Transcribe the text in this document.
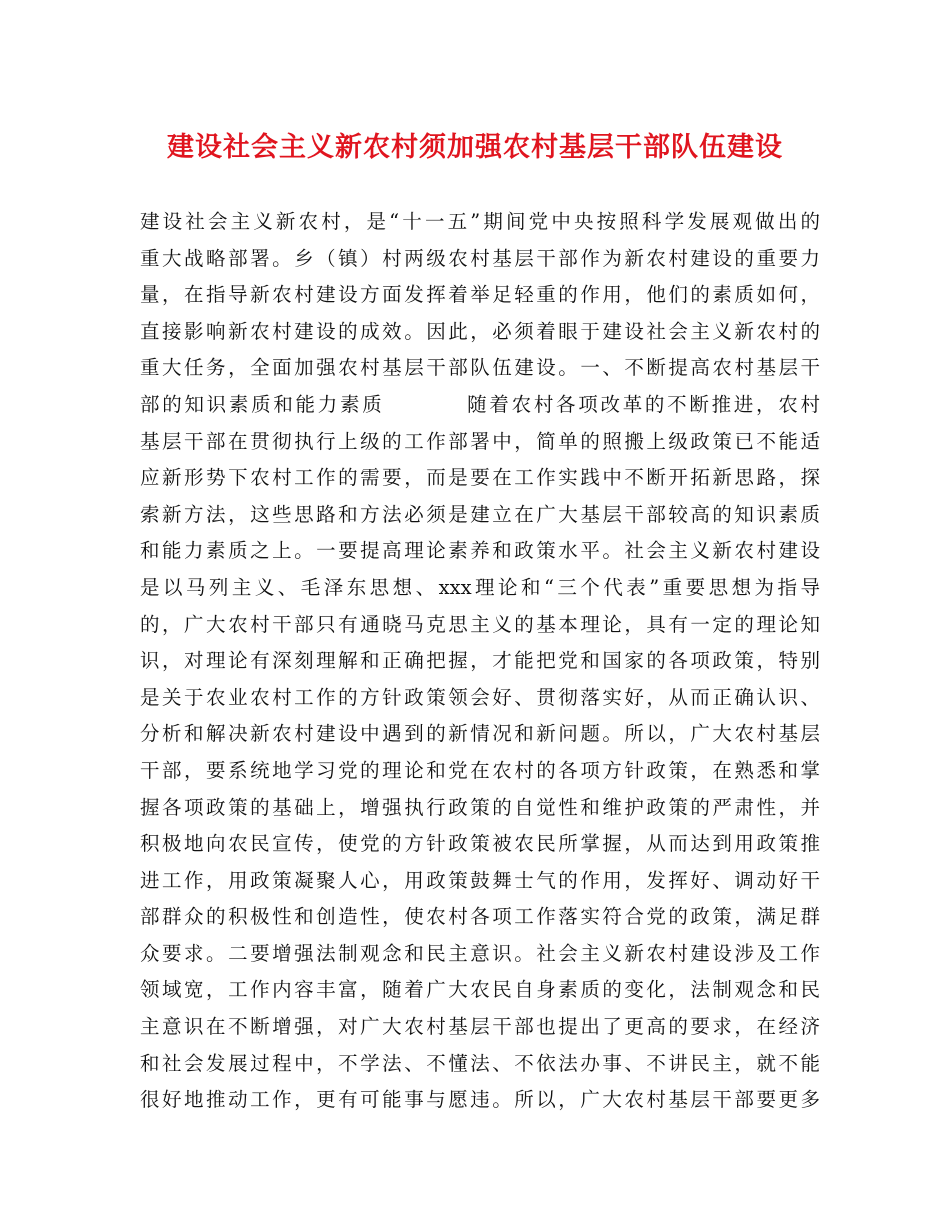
建设社会主义新农村须加强农村基层干部队伍建设
建设社会主义新农村，是“十一五”期间党中央按照科学发展观做出的
重大战略部署。乡（镇）村两级农村基层干部作为新农村建设的重要力
量，在指导新农村建设方面发挥着举足轻重的作用，他们的素质如何，
直接影响新农村建设的成效。因此，必须着眼于建设社会主义新农村的
重大任务，全面加强农村基层干部队伍建设。一、不断提高农村基层干
部的知识素质和能力素质	随着农村各项改革的不断推进，农村
基层干部在贯彻执行上级的工作部署中，简单的照搬上级政策已不能适
应新形势下农村工作的需要，而是要在工作实践中不断开拓新思路，探
索新方法，这些思路和方法必须是建立在广大基层干部较高的知识素质
和能力素质之上。一要提高理论素养和政策水平。社会主义新农村建设
是以马列主义、毛泽东思想、xxx理论和“三个代表”重要思想为指导
的，广大农村干部只有通晓马克思主义的基本理论，具有一定的理论知
识，对理论有深刻理解和正确把握，才能把党和国家的各项政策，特别
是关于农业农村工作的方针政策领会好、贯彻落实好，从而正确认识、
分析和解决新农村建设中遇到的新情况和新问题。所以，广大农村基层
干部，要系统地学习党的理论和党在农村的各项方针政策，在熟悉和掌
握各项政策的基础上，增强执行政策的自觉性和维护政策的严肃性，并
积极地向农民宣传，使党的方针政策被农民所掌握，从而达到用政策推
进工作，用政策凝聚人心，用政策鼓舞士气的作用，发挥好、调动好干
部群众的积极性和创造性，使农村各项工作落实符合党的政策，满足群
众要求。二要增强法制观念和民主意识。社会主义新农村建设涉及工作
领域宽，工作内容丰富，随着广大农民自身素质的变化，法制观念和民
主意识在不断增强，对广大农村基层干部也提出了更高的要求，在经济
和社会发展过程中，不学法、不懂法、不依法办事、不讲民主，就不能
很好地推动工作，更有可能事与愿违。所以，广大农村基层干部要更多
